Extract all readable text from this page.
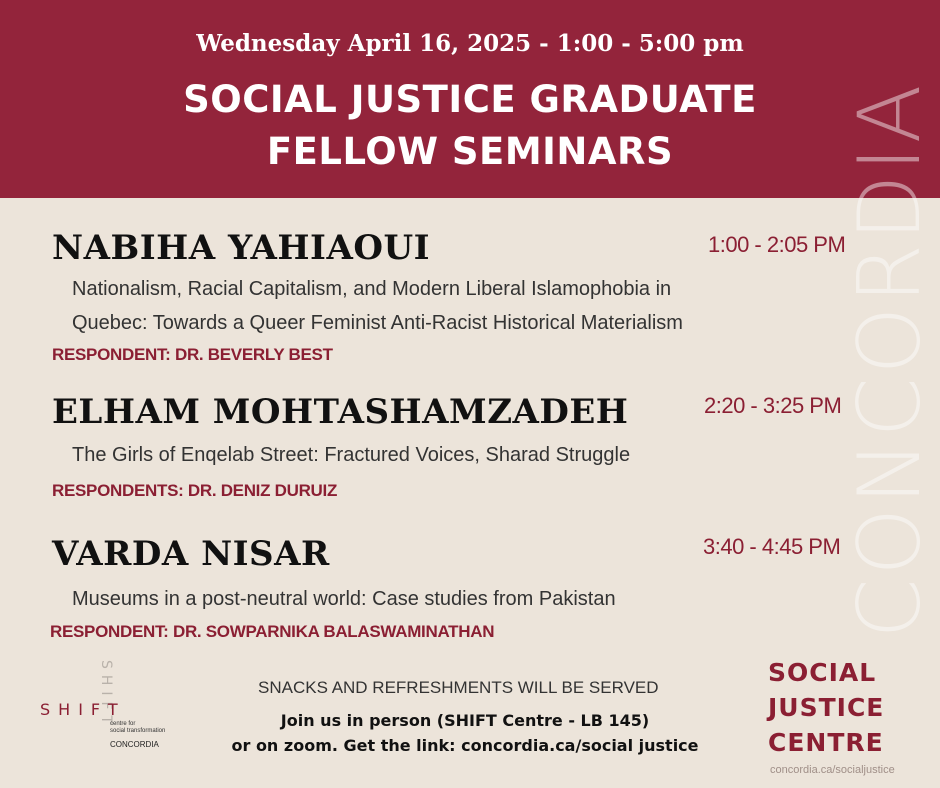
Wednesday April 16, 2025 - 1:00 - 5:00 pm
SOCIAL JUSTICE GRADUATE
FELLOW SEMINARS	CONCORDIA
NABIHA YAHIAOUI	1:00 - 2:05 PM
Nationalism, Racial Capitalism, and Modern Liberal Islamophobia in
Quebec: Towards a Queer Feminist Anti-Racist Historical Materialism
RESPONDENT: DR. BEVERLY BEST
ELHAM MOHTASHAMZADEH	2:20 - 3:25 PM
The Girls of Enqelab Street: Fractured Voices, Sharad Struggle
RESPONDENTS: DR. DENIZ DURUIZ
VARDA NISAR	3:40 - 4:45 PM
Museums in a post-neutral world: Case studies from Pakistan
RESPONDENT: DR. SOWPARNIKA BALASWAMINATHAN
SHIFT
SHIFT
centre for
social transformation
CONCORDIA
SNACKS AND REFRESHMENTS WILL BE SERVED
Join us in person (SHIFT Centre - LB 145)
or on zoom. Get the link: concordia.ca/social justice
SOCIAL
JUSTICE
CENTRE
concordia.ca/socialjustice
